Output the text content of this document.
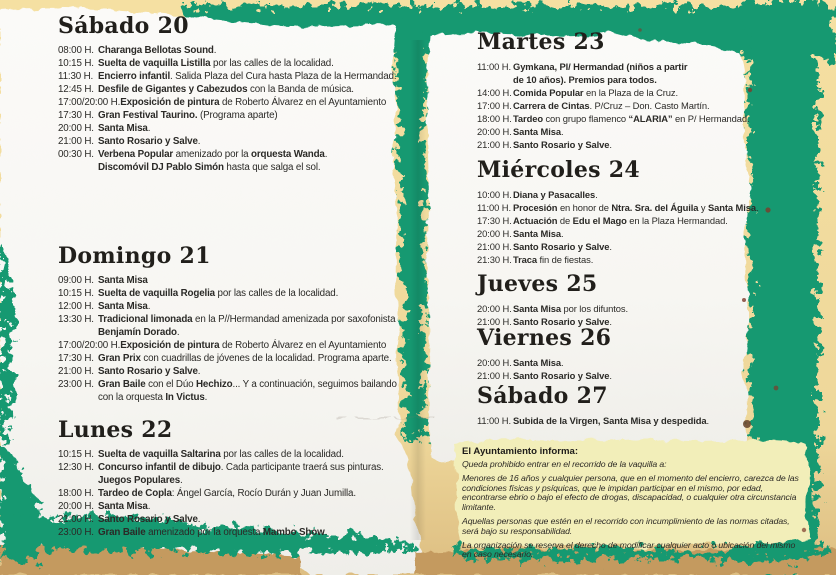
Sábado 20
08:00 H. Charanga Bellotas Sound.
10:15 H. Suelta de vaquilla Listilla por las calles de la localidad.
11:30 H. Encierro infantil. Salida Plaza del Cura hasta Plaza de la Hermandad.
12:45 H. Desfile de Gigantes y Cabezudos con la Banda de música.
17:00/20:00 H.Exposición de pintura de Roberto Álvarez en el Ayuntamiento
17:30 H. Gran Festival Taurino. (Programa aparte)
20:00 H. Santa Misa.
21:00 H. Santo Rosario y Salve.
00:30 H. Verbena Popular amenizado por la orquesta Wanda.
Discomóvil DJ Pablo Simón hasta que salga el sol.
Domingo 21
09:00 H. Santa Misa
10:15 H. Suelta de vaquilla Rogelia por las calles de la localidad.
12:00 H. Santa Misa.
13:30 H. Tradicional limonada en la P//Hermandad amenizada por saxofonista
Benjamín Dorado.
17:00/20:00 H.Exposición de pintura de Roberto Álvarez en el Ayuntamiento
17:30 H. Gran Prix con cuadrillas de jóvenes de la localidad. Programa aparte.
21:00 H. Santo Rosario y Salve.
23:00 H. Gran Baile con el Dúo Hechizo... Y a continuación, seguimos bailando
con la orquesta In Victus.
Lunes 22
10:15 H. Suelta de vaquilla Saltarina por las calles de la localidad.
12:30 H. Concurso infantil de dibujo. Cada participante traerá sus pinturas.
Juegos Populares.
18:00 H. Tardeo de Copla: Ángel García, Rocío Durán y Juan Jumilla.
20:00 H. Santa Misa.
21:00 H. Santo Rosario y Salve.
23:00 H. Gran Baile amenizado por la orquesta Mambo Show.
Martes 23
11:00 H. Gymkana, Pl/ Hermandad (niños a partir
de 10 años). Premios para todos.
14:00 H.Comida Popular en la Plaza de la Cruz.
17:00 H.Carrera de Cintas. P/Cruz – Don. Casto Martín.
18:00 H.Tardeo con grupo flamenco “ALARIA” en P/ Hermandad.
20:00 H.Santa Misa.
21:00 H.Santo Rosario y Salve.
Miércoles 24
10:00 H.Diana y Pasacalles.
11:00 H. Procesión en honor de Ntra. Sra. del Águila y Santa Misa.
17:30 H.Actuación de Edu el Mago en la Plaza Hermandad.
20:00 H.Santa Misa.
21:00 H.Santo Rosario y Salve.
21:30 H.Traca fin de fiestas.
Jueves 25
20:00 H.Santa Misa por los difuntos.
21:00 H.Santo Rosario y Salve.
Viernes 26
20:00 H.Santa Misa.
21:00 H.Santo Rosario y Salve.
Sábado 27
11:00 H. Subida de la Virgen, Santa Misa y despedida.
El Ayuntamiento informa:

Queda prohibido entrar en el recorrido de la vaquilla a:

Menores de 16 años y cualquier persona, que en el momento del encierro, carezca de las condiciones físicas y psíquicas, que le impidan participar en el mismo, por edad, encontrarse ebrio o bajo el efecto de drogas, discapacidad, o cualquier otra circunstancia limitante.

Aquellas personas que estén en el recorrido con incumplimiento de las normas citadas, será bajo su responsabilidad.

La organización se reserva el derecho de modificar cualquier acto o ubicación del mismo en caso necesario.
